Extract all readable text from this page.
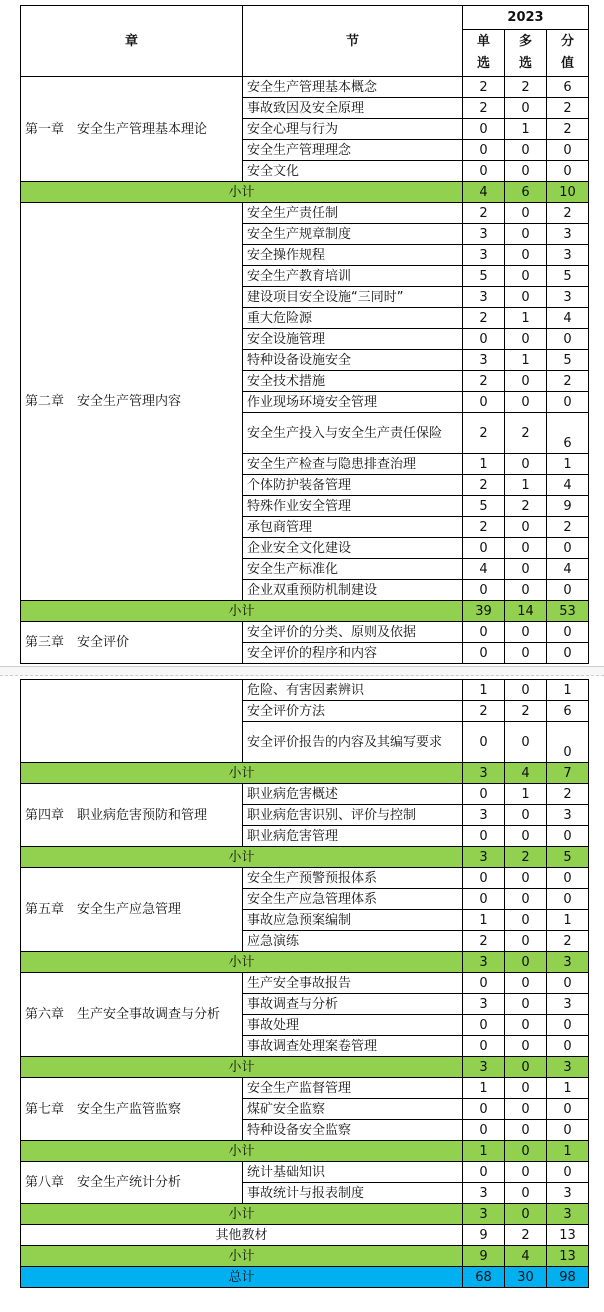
章	节	2023		
		单选	多选	分值
第一章　安全生产管理基本理论	安全生产管理基本概念	2	2	6
	事故致因及安全原理	2	0	2
	安全心理与行为	0	1	2
	安全生产管理理念	0	0	0
	安全文化	0	0	0
小计		4	6	10
第二章　安全生产管理内容	安全生产责任制	2	0	2
	安全生产规章制度	3	0	3
	安全操作规程	3	0	3
	安全生产教育培训	5	0	5
	建设项目安全设施“三同时”	3	0	3
	重大危险源	2	1	4
	安全设施管理	0	0	0
	特种设备设施安全	3	1	5
	安全技术措施	2	0	2
	作业现场环境安全管理	0	0	0
	安全生产投入与安全生产责任保险	2	2	6
	安全生产检查与隐患排查治理	1	0	1
	个体防护装备管理	2	1	4
	特殊作业安全管理	5	2	9
	承包商管理	2	0	2
	企业安全文化建设	0	0	0
	安全生产标准化	4	0	4
	企业双重预防机制建设	0	0	0
小计		39	14	53
第三章　安全评价	安全评价的分类、原则及依据	0	0	0
	安全评价的程序和内容	0	0	0
	危险、有害因素辨识	1	0	1
	安全评价方法	2	2	6
	安全评价报告的内容及其编写要求	0	0	0
小计		3	4	7
第四章　职业病危害预防和管理	职业病危害概述	0	1	2
	职业病危害识别、评价与控制	3	0	3
	职业病危害管理	0	0	0
小计		3	2	5
第五章　安全生产应急管理	安全生产预警预报体系	0	0	0
	安全生产应急管理体系	0	0	0
	事故应急预案编制	1	0	1
	应急演练	2	0	2
小计		3	0	3
第六章　生产安全事故调查与分析	生产安全事故报告	0	0	0
	事故调查与分析	3	0	3
	事故处理	0	0	0
	事故调查处理案卷管理	0	0	0
小计		3	0	3
第七章　安全生产监管监察	安全生产监督管理	1	0	1
	煤矿安全监察	0	0	0
	特种设备安全监察	0	0	0
小计		1	0	1
第八章　安全生产统计分析	统计基础知识	0	0	0
	事故统计与报表制度	3	0	3
小计		3	0	3
其他教材		9	2	13
小计		9	4	13
总计		68	30	98
